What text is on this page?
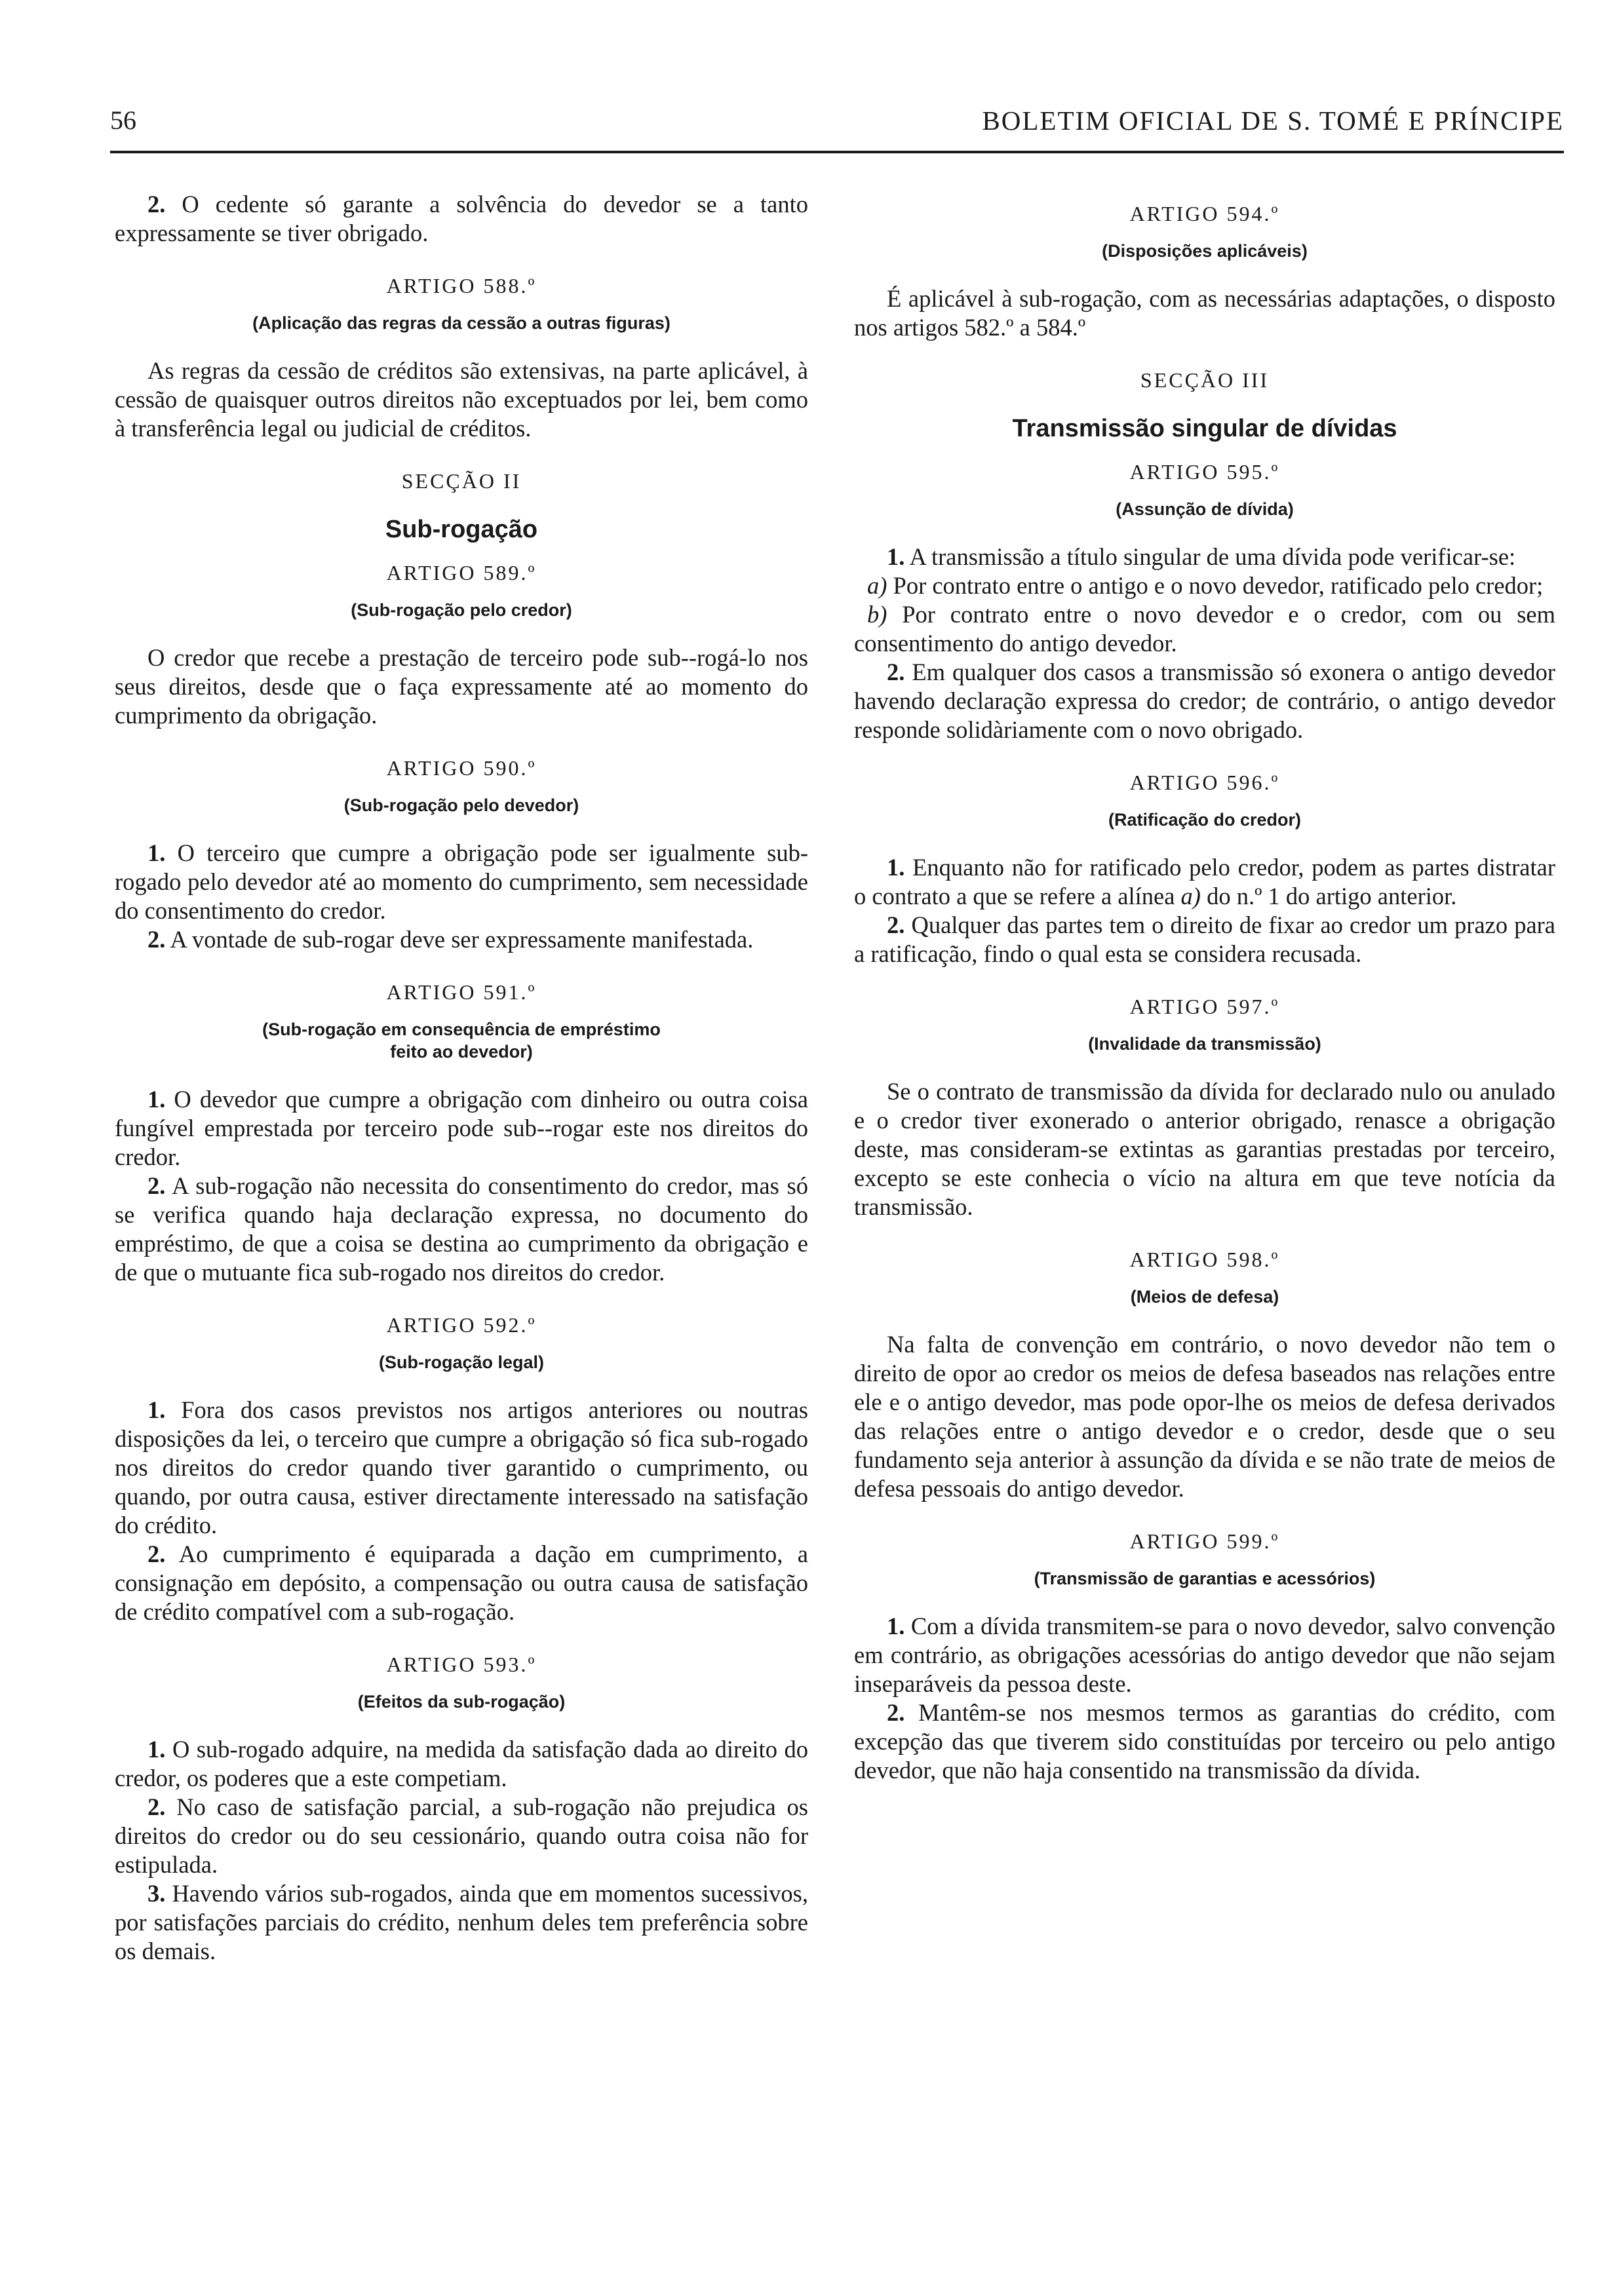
56	BOLETIM OFICIAL DE S. TOMÉ E PRÍNCIPE

2. O cedente só garante a solvência do devedor se a tanto expressamente se tiver obrigado.

ARTIGO 588.º
(Aplicação das regras da cessão a outras figuras)

As regras da cessão de créditos são extensivas, na parte aplicável, à cessão de quaisquer outros direitos não exceptuados por lei, bem como à transferência legal ou judicial de créditos.

SECÇÃO II
Sub-rogação
ARTIGO 589.º
(Sub-rogação pelo credor)

O credor que recebe a prestação de terceiro pode sub--rogá-lo nos seus direitos, desde que o faça expressamente até ao momento do cumprimento da obrigação.

ARTIGO 590.º
(Sub-rogação pelo devedor)

1. O terceiro que cumpre a obrigação pode ser igualmente sub-rogado pelo devedor até ao momento do cumprimento, sem necessidade do consentimento do credor.

2. A vontade de sub-rogar deve ser expressamente manifestada.

ARTIGO 591.º
(Sub-rogação em consequência de empréstimo
feito ao devedor)

1. O devedor que cumpre a obrigação com dinheiro ou outra coisa fungível emprestada por terceiro pode sub--rogar este nos direitos do credor.

2. A sub-rogação não necessita do consentimento do credor, mas só se verifica quando haja declaração expressa, no documento do empréstimo, de que a coisa se destina ao cumprimento da obrigação e de que o mutuante fica sub-rogado nos direitos do credor.

ARTIGO 592.º
(Sub-rogação legal)

1. Fora dos casos previstos nos artigos anteriores ou noutras disposições da lei, o terceiro que cumpre a obrigação só fica sub-rogado nos direitos do credor quando tiver garantido o cumprimento, ou quando, por outra causa, estiver directamente interessado na satisfação do crédito.

2. Ao cumprimento é equiparada a dação em cumprimento, a consignação em depósito, a compensação ou outra causa de satisfação de crédito compatível com a sub-rogação.

ARTIGO 593.º
(Efeitos da sub-rogação)

1. O sub-rogado adquire, na medida da satisfação dada ao direito do credor, os poderes que a este competiam.

2. No caso de satisfação parcial, a sub-rogação não prejudica os direitos do credor ou do seu cessionário, quando outra coisa não for estipulada.

3. Havendo vários sub-rogados, ainda que em momentos sucessivos, por satisfações parciais do crédito, nenhum deles tem preferência sobre os demais.

ARTIGO 594.º
(Disposições aplicáveis)

É aplicável à sub-rogação, com as necessárias adaptações, o disposto nos artigos 582.º a 584.º

SECÇÃO III
Transmissão singular de dívidas
ARTIGO 595.º
(Assunção de dívida)

1. A transmissão a título singular de uma dívida pode verificar-se:

a) Por contrato entre o antigo e o novo devedor, ratificado pelo credor;

b) Por contrato entre o novo devedor e o credor, com ou sem consentimento do antigo devedor.

2. Em qualquer dos casos a transmissão só exonera o antigo devedor havendo declaração expressa do credor; de contrário, o antigo devedor responde solidàriamente com o novo obrigado.

ARTIGO 596.º
(Ratificação do credor)

1. Enquanto não for ratificado pelo credor, podem as partes distratar o contrato a que se refere a alínea a) do n.º 1 do artigo anterior.

2. Qualquer das partes tem o direito de fixar ao credor um prazo para a ratificação, findo o qual esta se considera recusada.

ARTIGO 597.º
(Invalidade da transmissão)

Se o contrato de transmissão da dívida for declarado nulo ou anulado e o credor tiver exonerado o anterior obrigado, renasce a obrigação deste, mas consideram-se extintas as garantias prestadas por terceiro, excepto se este conhecia o vício na altura em que teve notícia da transmissão.

ARTIGO 598.º
(Meios de defesa)

Na falta de convenção em contrário, o novo devedor não tem o direito de opor ao credor os meios de defesa baseados nas relações entre ele e o antigo devedor, mas pode opor-lhe os meios de defesa derivados das relações entre o antigo devedor e o credor, desde que o seu fundamento seja anterior à assunção da dívida e se não trate de meios de defesa pessoais do antigo devedor.

ARTIGO 599.º
(Transmissão de garantias e acessórios)

1. Com a dívida transmitem-se para o novo devedor, salvo convenção em contrário, as obrigações acessórias do antigo devedor que não sejam inseparáveis da pessoa deste.

2. Mantêm-se nos mesmos termos as garantias do crédito, com excepção das que tiverem sido constituídas por terceiro ou pelo antigo devedor, que não haja consentido na transmissão da dívida.
